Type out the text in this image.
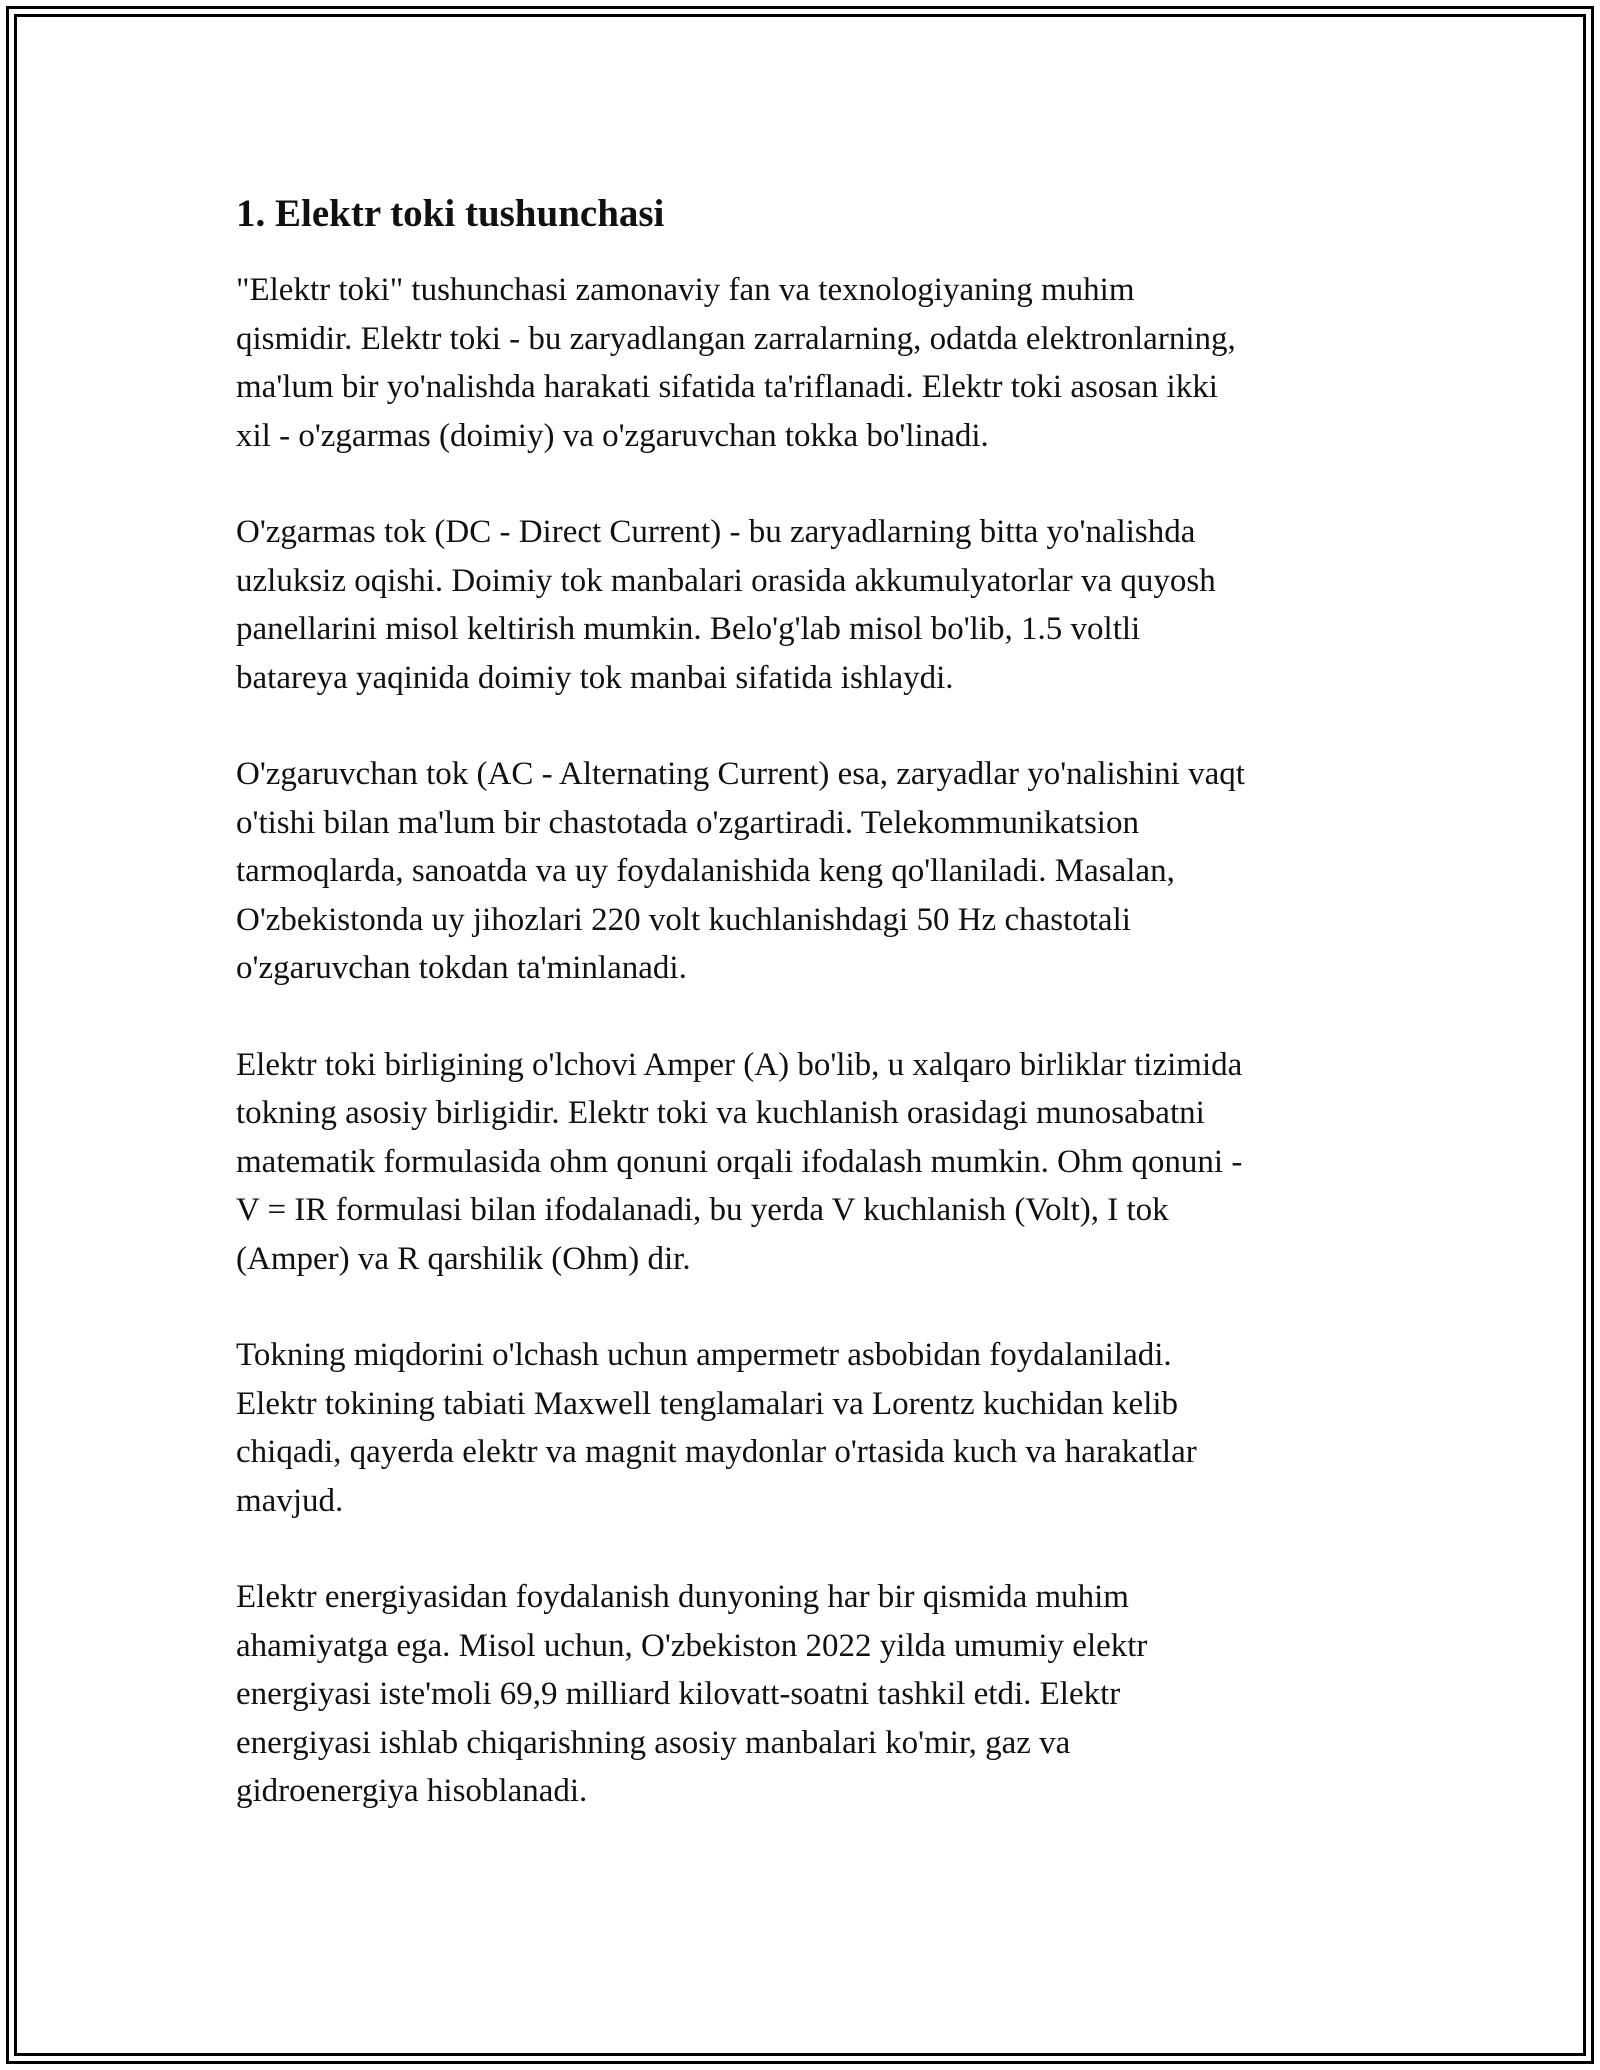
1. Elektr toki tushunchasi
"Elektr toki" tushunchasi zamonaviy fan va texnologiyaning muhim
qismidir. Elektr toki - bu zaryadlangan zarralarning, odatda elektronlarning,
ma'lum bir yo'nalishda harakati sifatida ta'riflanadi. Elektr toki asosan ikki
xil - o'zgarmas (doimiy) va o'zgaruvchan tokka bo'linadi.
O'zgarmas tok (DC - Direct Current) - bu zaryadlarning bitta yo'nalishda
uzluksiz oqishi. Doimiy tok manbalari orasida akkumulyatorlar va quyosh
panellarini misol keltirish mumkin. Belo'g'lab misol bo'lib, 1.5 voltli
batareya yaqinida doimiy tok manbai sifatida ishlaydi.
O'zgaruvchan tok (AC - Alternating Current) esa, zaryadlar yo'nalishini vaqt
o'tishi bilan ma'lum bir chastotada o'zgartiradi. Telekommunikatsion
tarmoqlarda, sanoatda va uy foydalanishida keng qo'llaniladi. Masalan,
O'zbekistonda uy jihozlari 220 volt kuchlanishdagi 50 Hz chastotali
o'zgaruvchan tokdan ta'minlanadi.
Elektr toki birligining o'lchovi Amper (A) bo'lib, u xalqaro birliklar tizimida
tokning asosiy birligidir. Elektr toki va kuchlanish orasidagi munosabatni
matematik formulasida ohm qonuni orqali ifodalash mumkin. Ohm qonuni -
V = IR formulasi bilan ifodalanadi, bu yerda V kuchlanish (Volt), I tok
(Amper) va R qarshilik (Ohm) dir.
Tokning miqdorini o'lchash uchun ampermetr asbobidan foydalaniladi.
Elektr tokining tabiati Maxwell tenglamalari va Lorentz kuchidan kelib
chiqadi, qayerda elektr va magnit maydonlar o'rtasida kuch va harakatlar
mavjud.
Elektr energiyasidan foydalanish dunyoning har bir qismida muhim
ahamiyatga ega. Misol uchun, O'zbekiston 2022 yilda umumiy elektr
energiyasi iste'moli 69,9 milliard kilovatt-soatni tashkil etdi. Elektr
energiyasi ishlab chiqarishning asosiy manbalari ko'mir, gaz va
gidroenergiya hisoblanadi.
